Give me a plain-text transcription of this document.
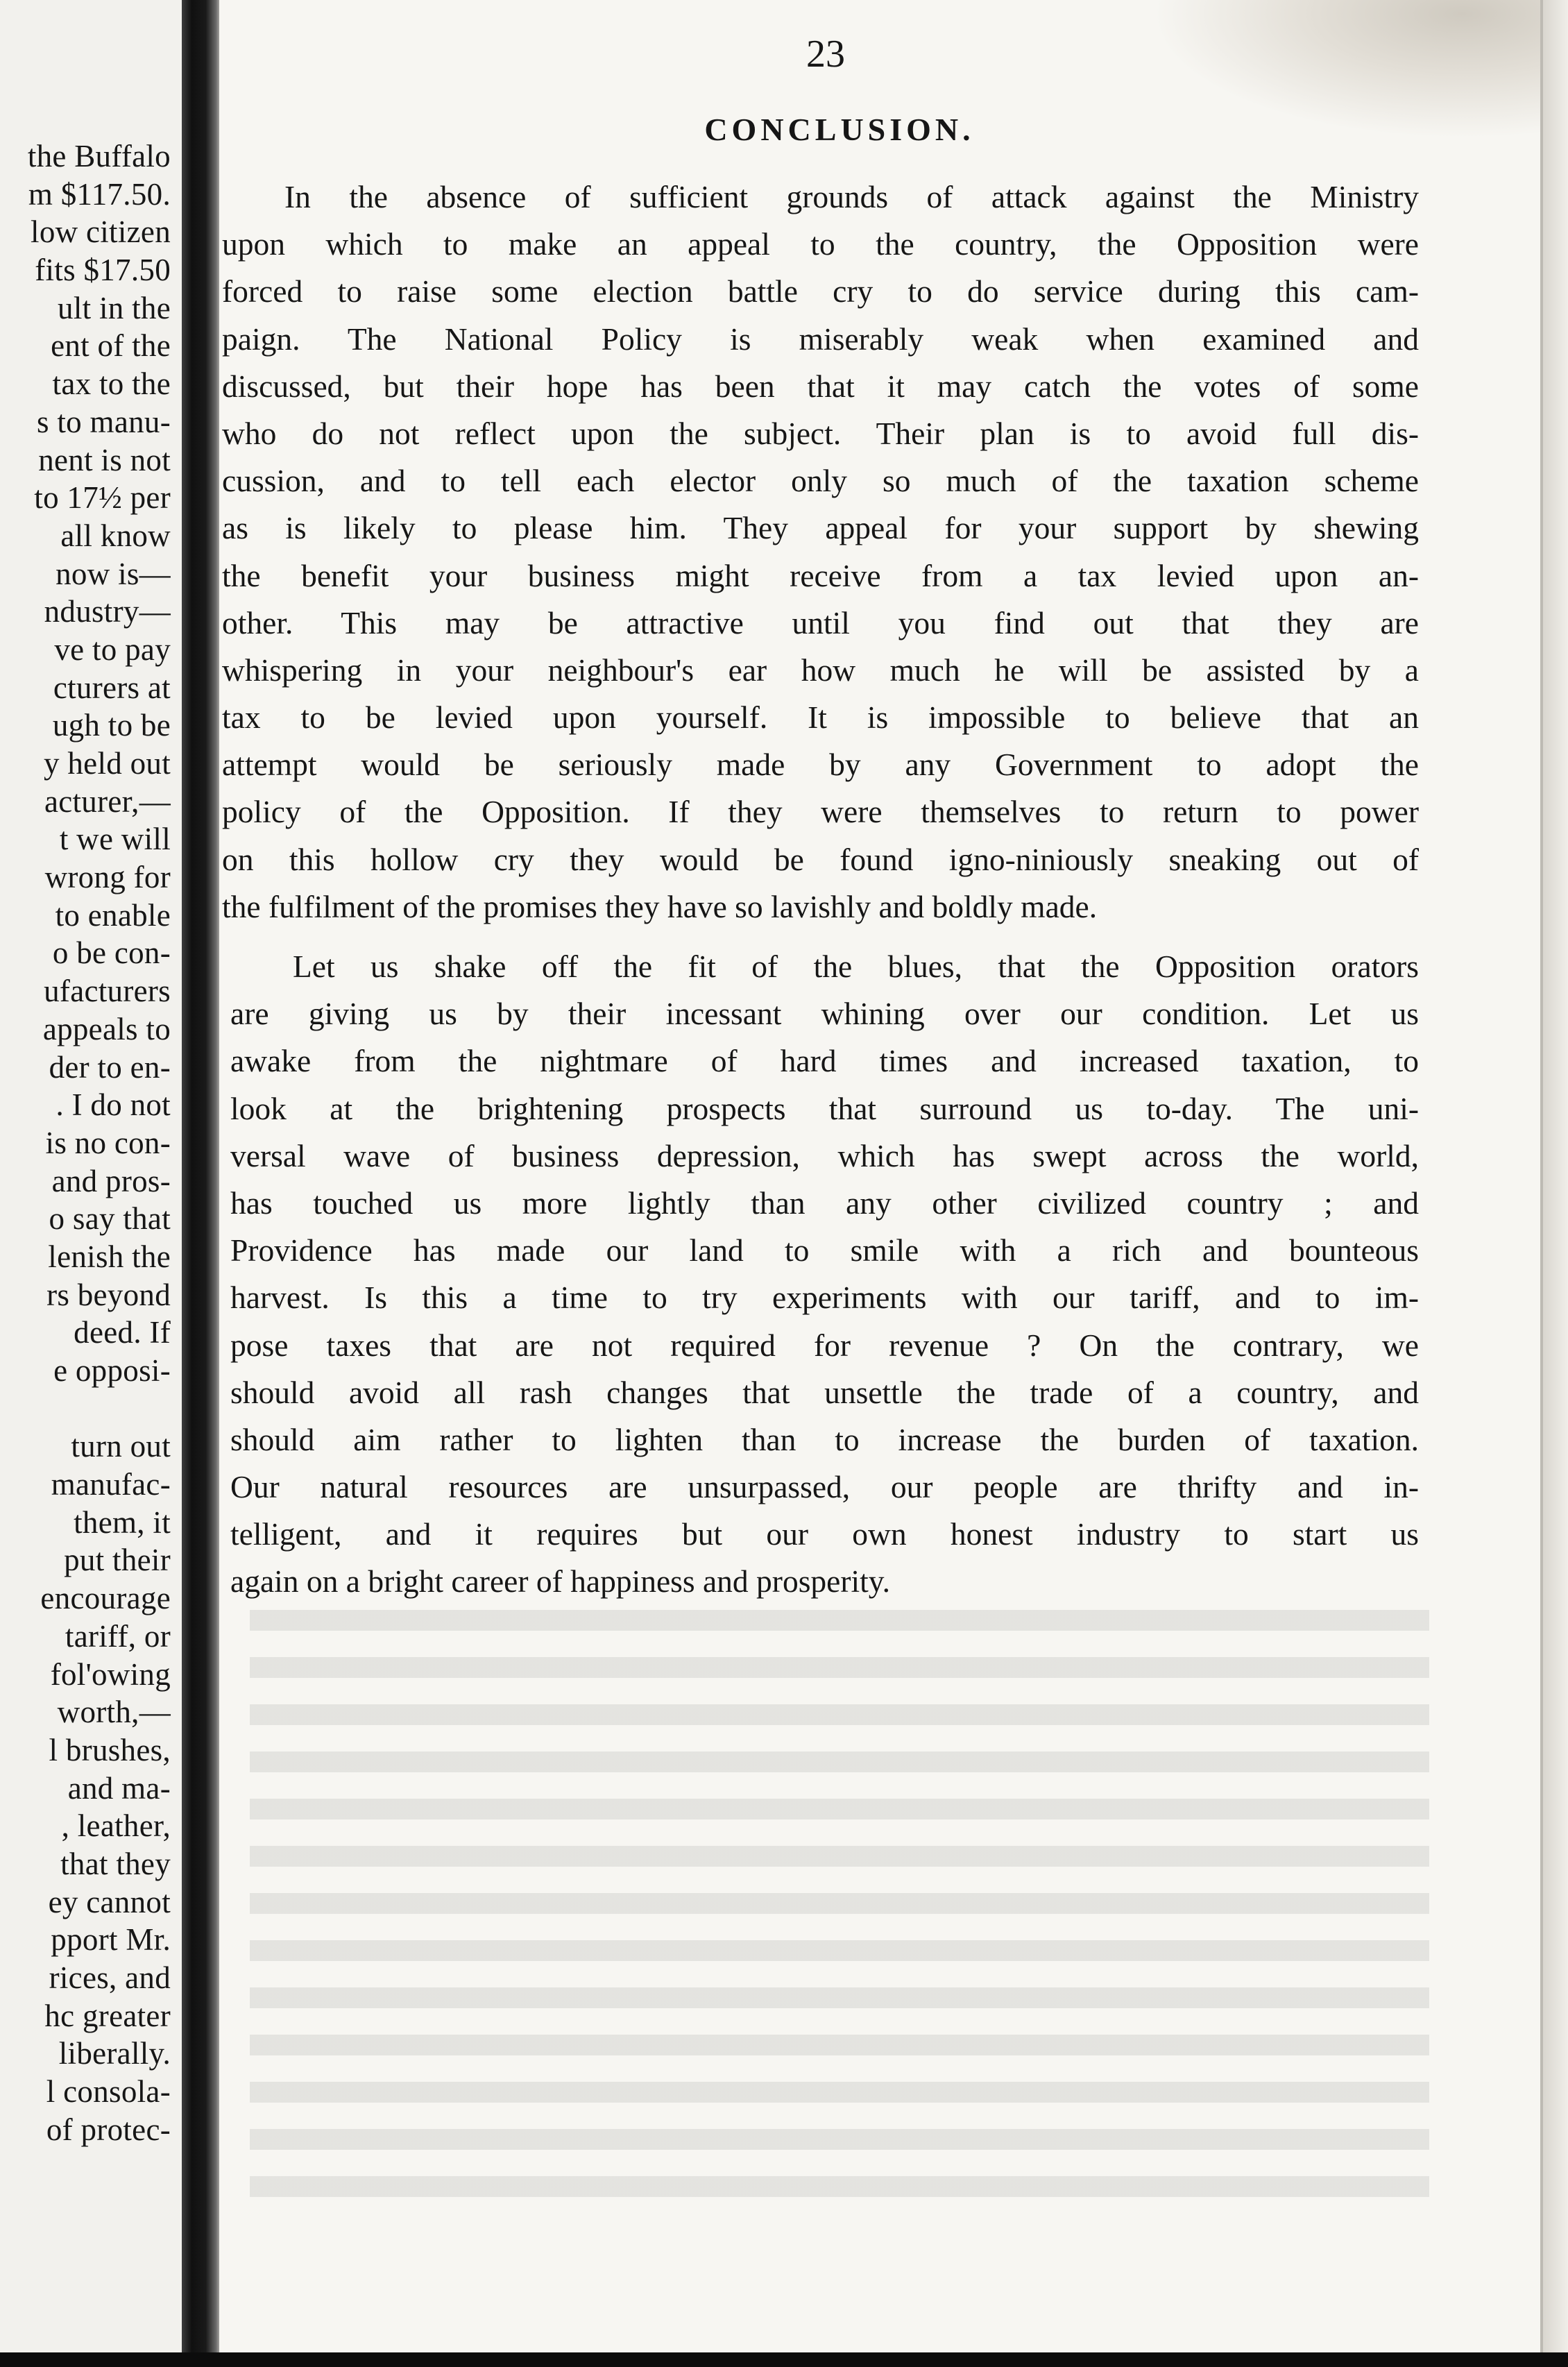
the Buffalo
m $117.50.
low citizen
fits $17.50
ult in the
ent of the
tax to the
s to manu-
nent is not
to 17½ per
all know
now is—
ndustry—
ve to pay
cturers at
ugh to be
y held out
acturer,—
t we will
wrong for
to enable
o be con-
ufacturers
appeals to
der to en-
. I do not
is no con-
and pros-
o say that
lenish the
rs beyond
deed. If
e opposi-
turn out
manufac-
them, it
put their
encourage
tariff, or
fol'owing
worth,—
l brushes,
and ma-
, leather,
that they
ey cannot
pport Mr.
rices, and
hc greater
liberally.
l consola-
of protec-
23
CONCLUSION.
In the absence of sufficient grounds of attack against the Ministry
upon which to make an appeal to the country, the Opposition were
forced to raise some election battle cry to do service during this cam-
paign. The National Policy is miserably weak when examined and
discussed, but their hope has been that it may catch the votes of some
who do not reflect upon the subject. Their plan is to avoid full dis-
cussion, and to tell each elector only so much of the taxation scheme
as is likely to please him. They appeal for your support by shewing
the benefit your business might receive from a tax levied upon an-
other. This may be attractive until you find out that they are
whispering in your neighbour's ear how much he will be assisted by a
tax to be levied upon yourself. It is impossible to believe that an
attempt would be seriously made by any Government to adopt the
policy of the Opposition. If they were themselves to return to power
on this hollow cry they would be found igno-niniously sneaking out of
the fulfilment of the promises they have so lavishly and boldly made.
Let us shake off the fit of the blues, that the Opposition orators
are giving us by their incessant whining over our condition. Let us
awake from the nightmare of hard times and increased taxation, to
look at the brightening prospects that surround us to-day. The uni-
versal wave of business depression, which has swept across the world,
has touched us more lightly than any other civilized country ; and
Providence has made our land to smile with a rich and bounteous
harvest. Is this a time to try experiments with our tariff, and to im-
pose taxes that are not required for revenue ? On the contrary, we
should avoid all rash changes that unsettle the trade of a country, and
should aim rather to lighten than to increase the burden of taxation.
Our natural resources are unsurpassed, our people are thrifty and in-
telligent, and it requires but our own honest industry to start us
again on a bright career of happiness and prosperity.
